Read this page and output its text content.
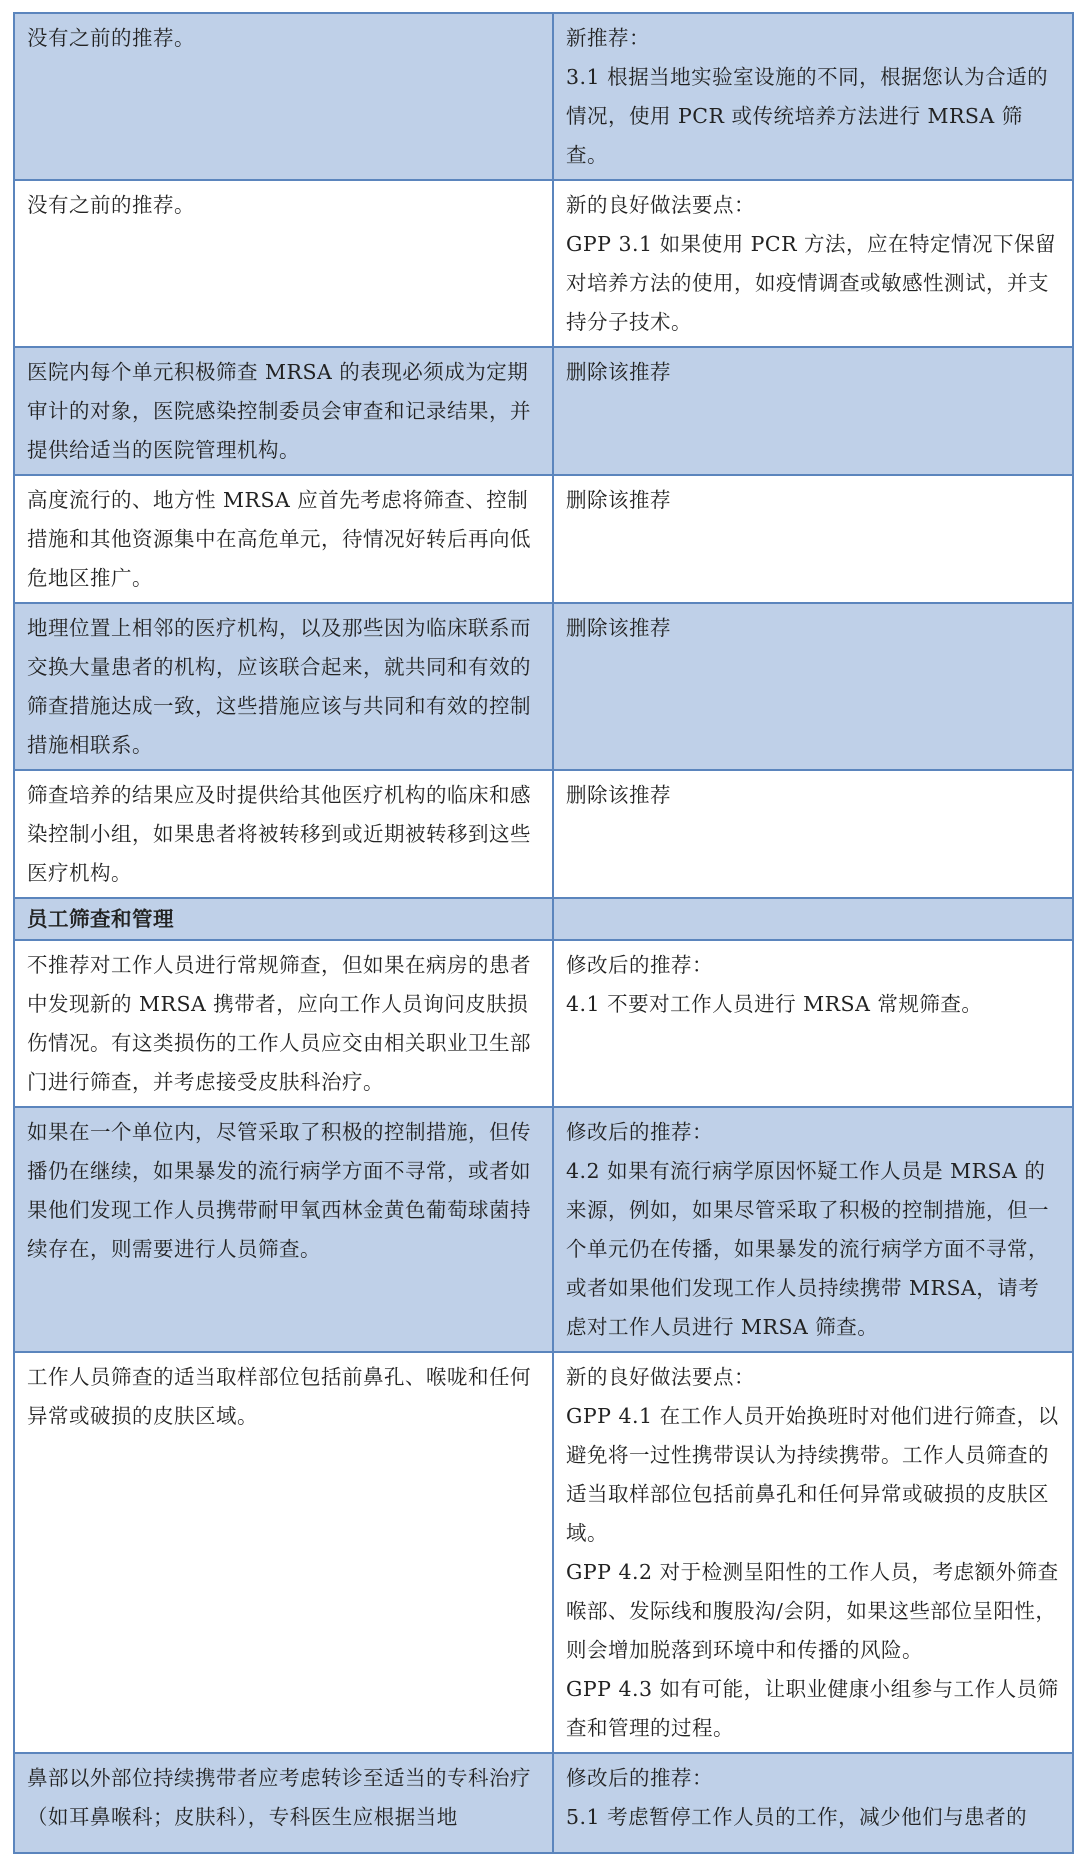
没有之前的推荐。	新推荐：
3.1 根据当地实验室设施的不同，根据您认为合适的情况，使用 PCR 或传统培养方法进行 MRSA 筛查。

没有之前的推荐。	新的良好做法要点：
GPP 3.1 如果使用 PCR 方法，应在特定情况下保留对培养方法的使用，如疫情调查或敏感性测试，并支持分子技术。

医院内每个单元积极筛查 MRSA 的表现必须成为定期审计的对象，医院感染控制委员会审查和记录结果，并提供给适当的医院管理机构。	删除该推荐

高度流行的、地方性 MRSA 应首先考虑将筛查、控制措施和其他资源集中在高危单元，待情况好转后再向低危地区推广。	删除该推荐

地理位置上相邻的医疗机构，以及那些因为临床联系而交换大量患者的机构，应该联合起来，就共同和有效的筛查措施达成一致，这些措施应该与共同和有效的控制措施相联系。	删除该推荐

筛查培养的结果应及时提供给其他医疗机构的临床和感染控制小组，如果患者将被转移到或近期被转移到这些医疗机构。	删除该推荐

员工筛查和管理	

不推荐对工作人员进行常规筛查，但如果在病房的患者中发现新的 MRSA 携带者，应向工作人员询问皮肤损伤情况。有这类损伤的工作人员应交由相关职业卫生部门进行筛查，并考虑接受皮肤科治疗。	修改后的推荐：
4.1 不要对工作人员进行 MRSA 常规筛查。

如果在一个单位内，尽管采取了积极的控制措施，但传播仍在继续，如果暴发的流行病学方面不寻常，或者如果他们发现工作人员携带耐甲氧西林金黄色葡萄球菌持续存在，则需要进行人员筛查。	修改后的推荐：
4.2 如果有流行病学原因怀疑工作人员是 MRSA 的来源，例如，如果尽管采取了积极的控制措施，但一个单元仍在传播，如果暴发的流行病学方面不寻常，或者如果他们发现工作人员持续携带 MRSA，请考虑对工作人员进行 MRSA 筛查。

工作人员筛查的适当取样部位包括前鼻孔、喉咙和任何异常或破损的皮肤区域。	新的良好做法要点：
GPP 4.1 在工作人员开始换班时对他们进行筛查，以避免将一过性携带误认为持续携带。工作人员筛查的适当取样部位包括前鼻孔和任何异常或破损的皮肤区域。
GPP 4.2 对于检测呈阳性的工作人员，考虑额外筛查喉部、发际线和腹股沟/会阴，如果这些部位呈阳性，则会增加脱落到环境中和传播的风险。
GPP 4.3 如有可能，让职业健康小组参与工作人员筛查和管理的过程。

鼻部以外部位持续携带者应考虑转诊至适当的专科治疗（如耳鼻喉科；皮肤科），专科医生应根据当地	修改后的推荐：
5.1 考虑暂停工作人员的工作，减少他们与患者的
